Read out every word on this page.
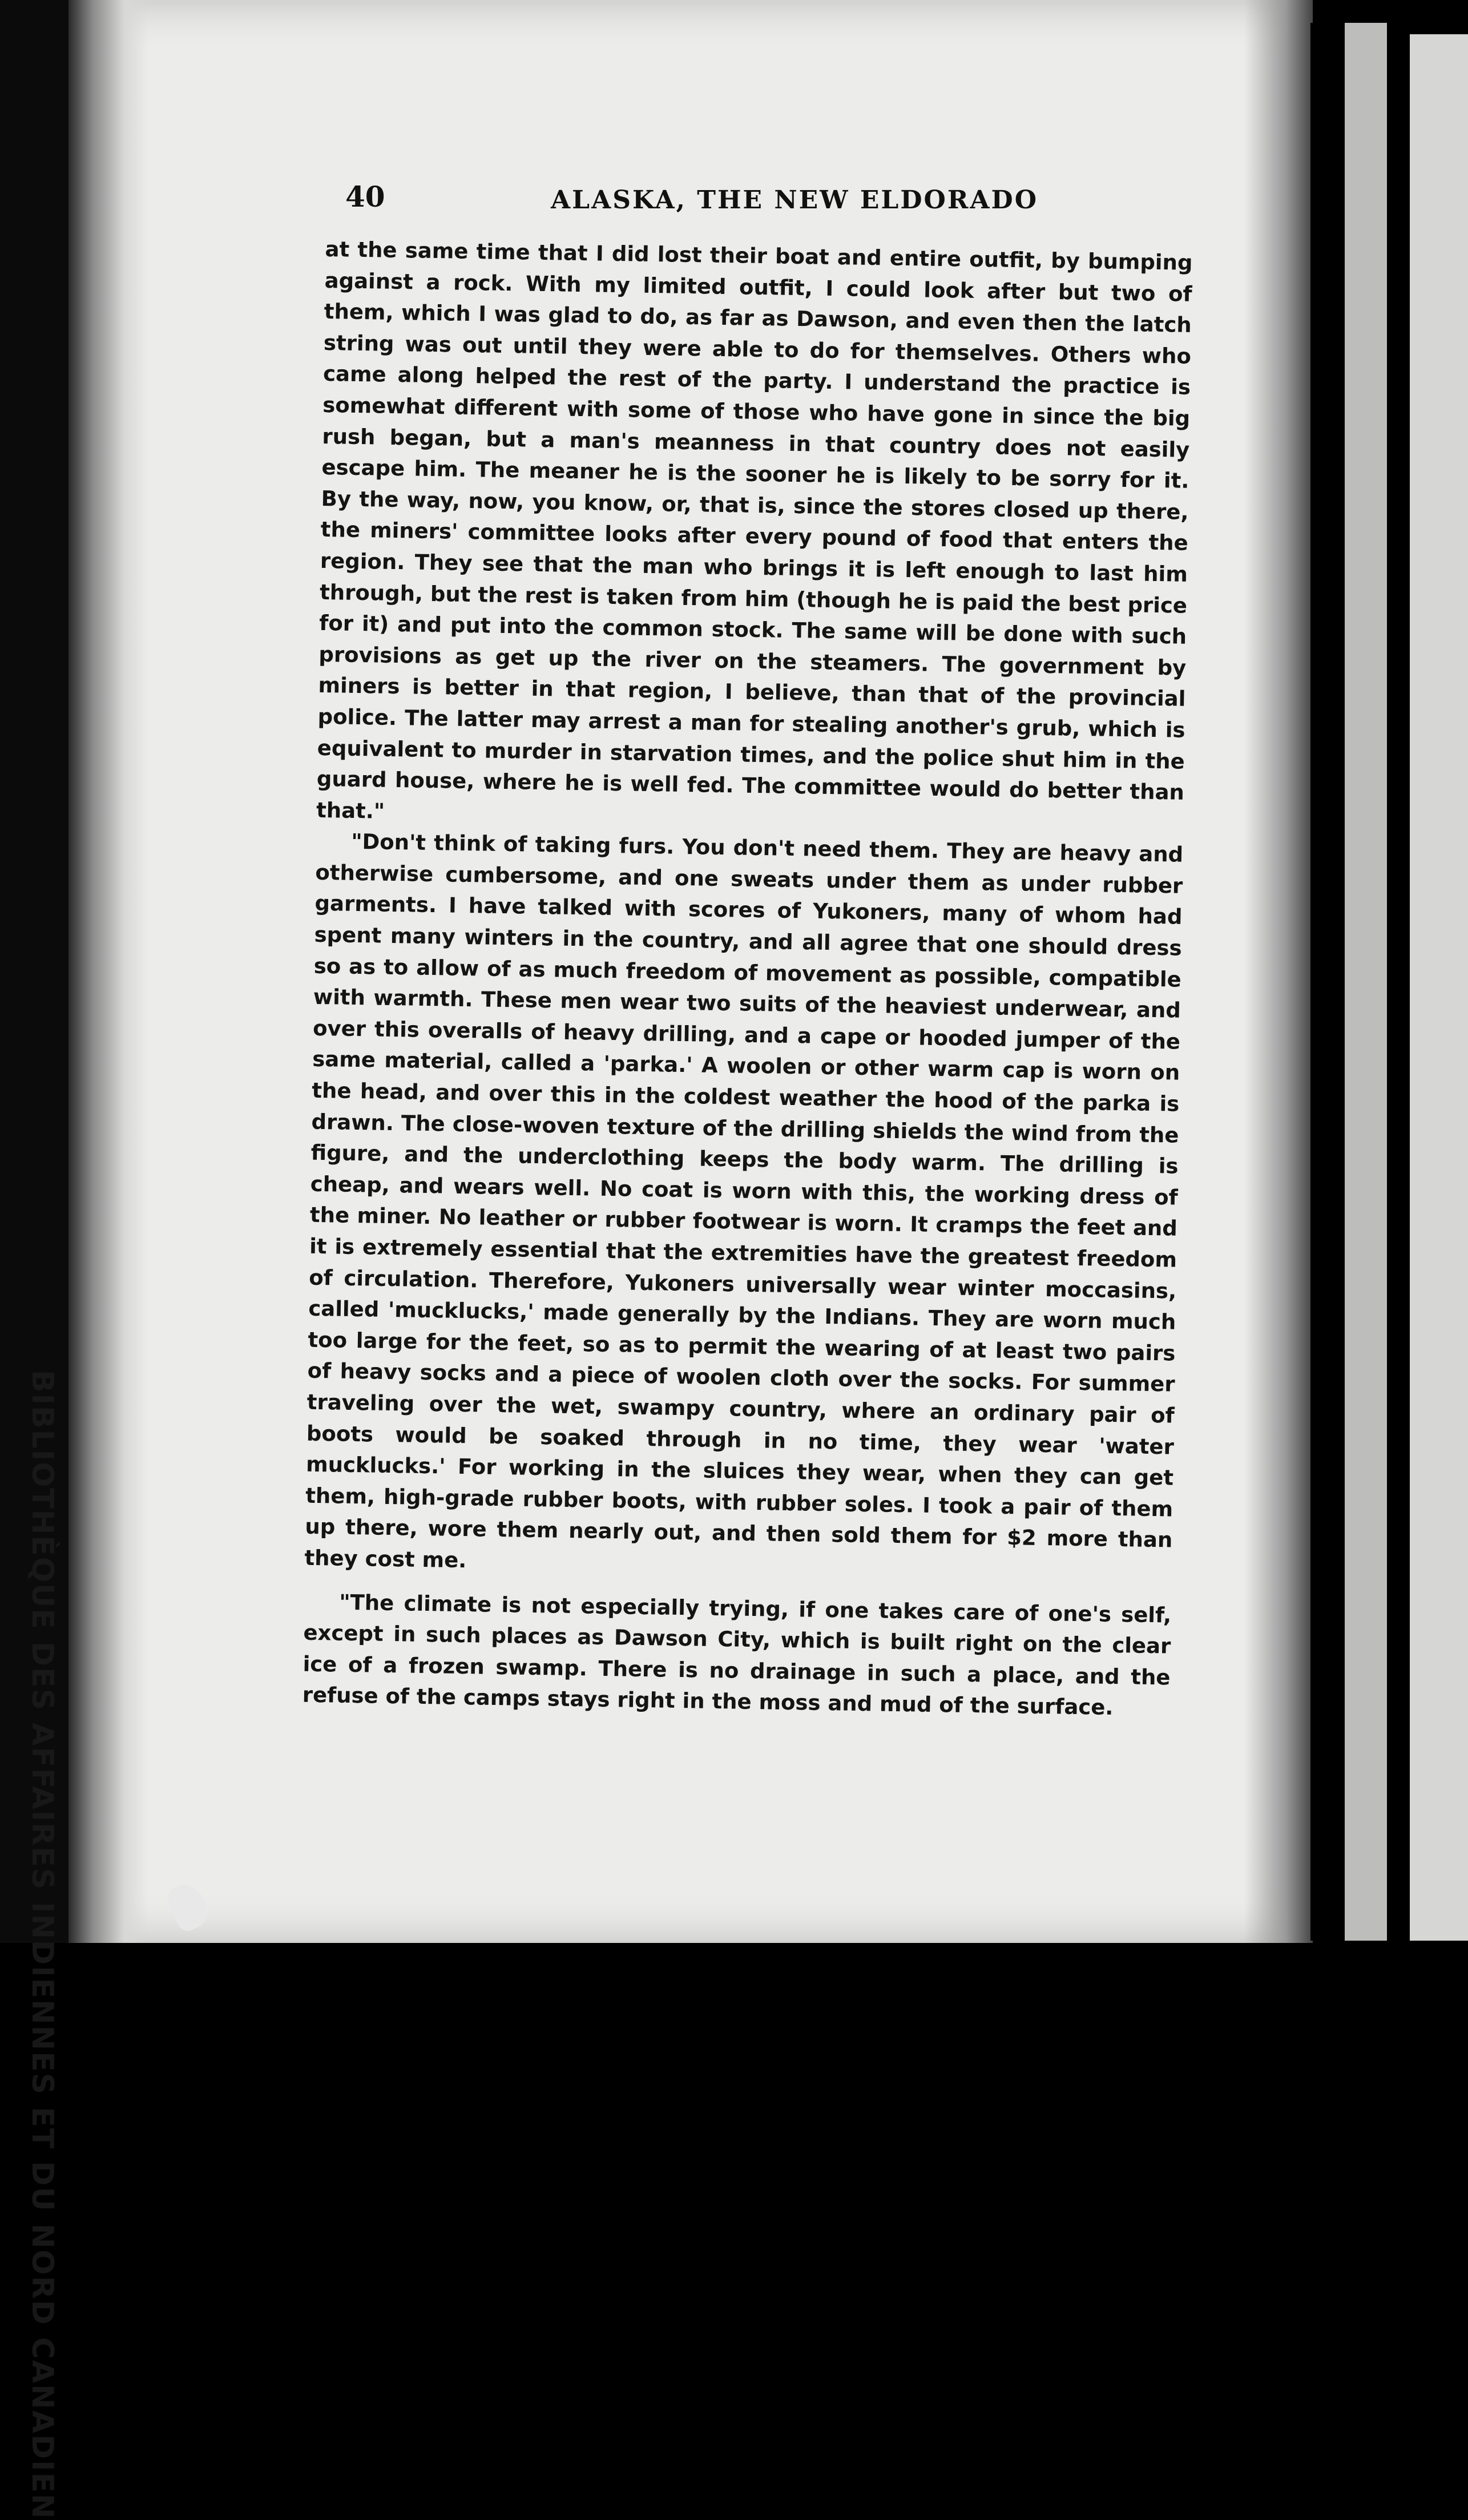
BIBLIOTHÈQUE DES AFFAIRES INDIENNES ET DU NORD CANADIEN
40	ALASKA, THE NEW ELDORADO

at the same time that I did lost their boat and entire outfit, by bumping against a rock. With my limited outfit, I could look after but two of them, which I was glad to do, as far as Dawson, and even then the latch string was out until they were able to do for themselves. Others who came along helped the rest of the party. I understand the practice is somewhat different with some of those who have gone in since the big rush began, but a man's meanness in that country does not easily escape him. The meaner he is the sooner he is likely to be sorry for it. By the way, now, you know, or, that is, since the stores closed up there, the miners' committee looks after every pound of food that enters the region. They see that the man who brings it is left enough to last him through, but the rest is taken from him (though he is paid the best price for it) and put into the common stock. The same will be done with such provisions as get up the river on the steamers. The government by miners is better in that region, I believe, than that of the provincial police. The latter may arrest a man for stealing another's grub, which is equivalent to murder in starvation times, and the police shut him in the guard house, where he is well fed. The committee would do better than that."

"Don't think of taking furs. You don't need them. They are heavy and otherwise cumbersome, and one sweats under them as under rubber garments. I have talked with scores of Yukoners, many of whom had spent many winters in the country, and all agree that one should dress so as to allow of as much freedom of movement as possible, compatible with warmth. These men wear two suits of the heaviest underwear, and over this overalls of heavy drilling, and a cape or hooded jumper of the same material, called a 'parka.' A woolen or other warm cap is worn on the head, and over this in the coldest weather the hood of the parka is drawn. The close-woven texture of the drilling shields the wind from the figure, and the underclothing keeps the body warm. The drilling is cheap, and wears well. No coat is worn with this, the working dress of the miner. No leather or rubber footwear is worn. It cramps the feet and it is extremely essential that the extremities have the greatest freedom of circulation. Therefore, Yukoners universally wear winter moccasins, called 'mucklucks,' made generally by the Indians. They are worn much too large for the feet, so as to permit the wearing of at least two pairs of heavy socks and a piece of woolen cloth over the socks. For summer traveling over the wet, swampy country, where an ordinary pair of boots would be soaked through in no time, they wear 'water mucklucks.' For working in the sluices they wear, when they can get them, high-grade rubber boots, with rubber soles. I took a pair of them up there, wore them nearly out, and then sold them for $2 more than they cost me.

"The climate is not especially trying, if one takes care of one's self, except in such places as Dawson City, which is built right on the clear ice of a frozen swamp. There is no drainage in such a place, and the refuse of the camps stays right in the moss and mud of the surface.
